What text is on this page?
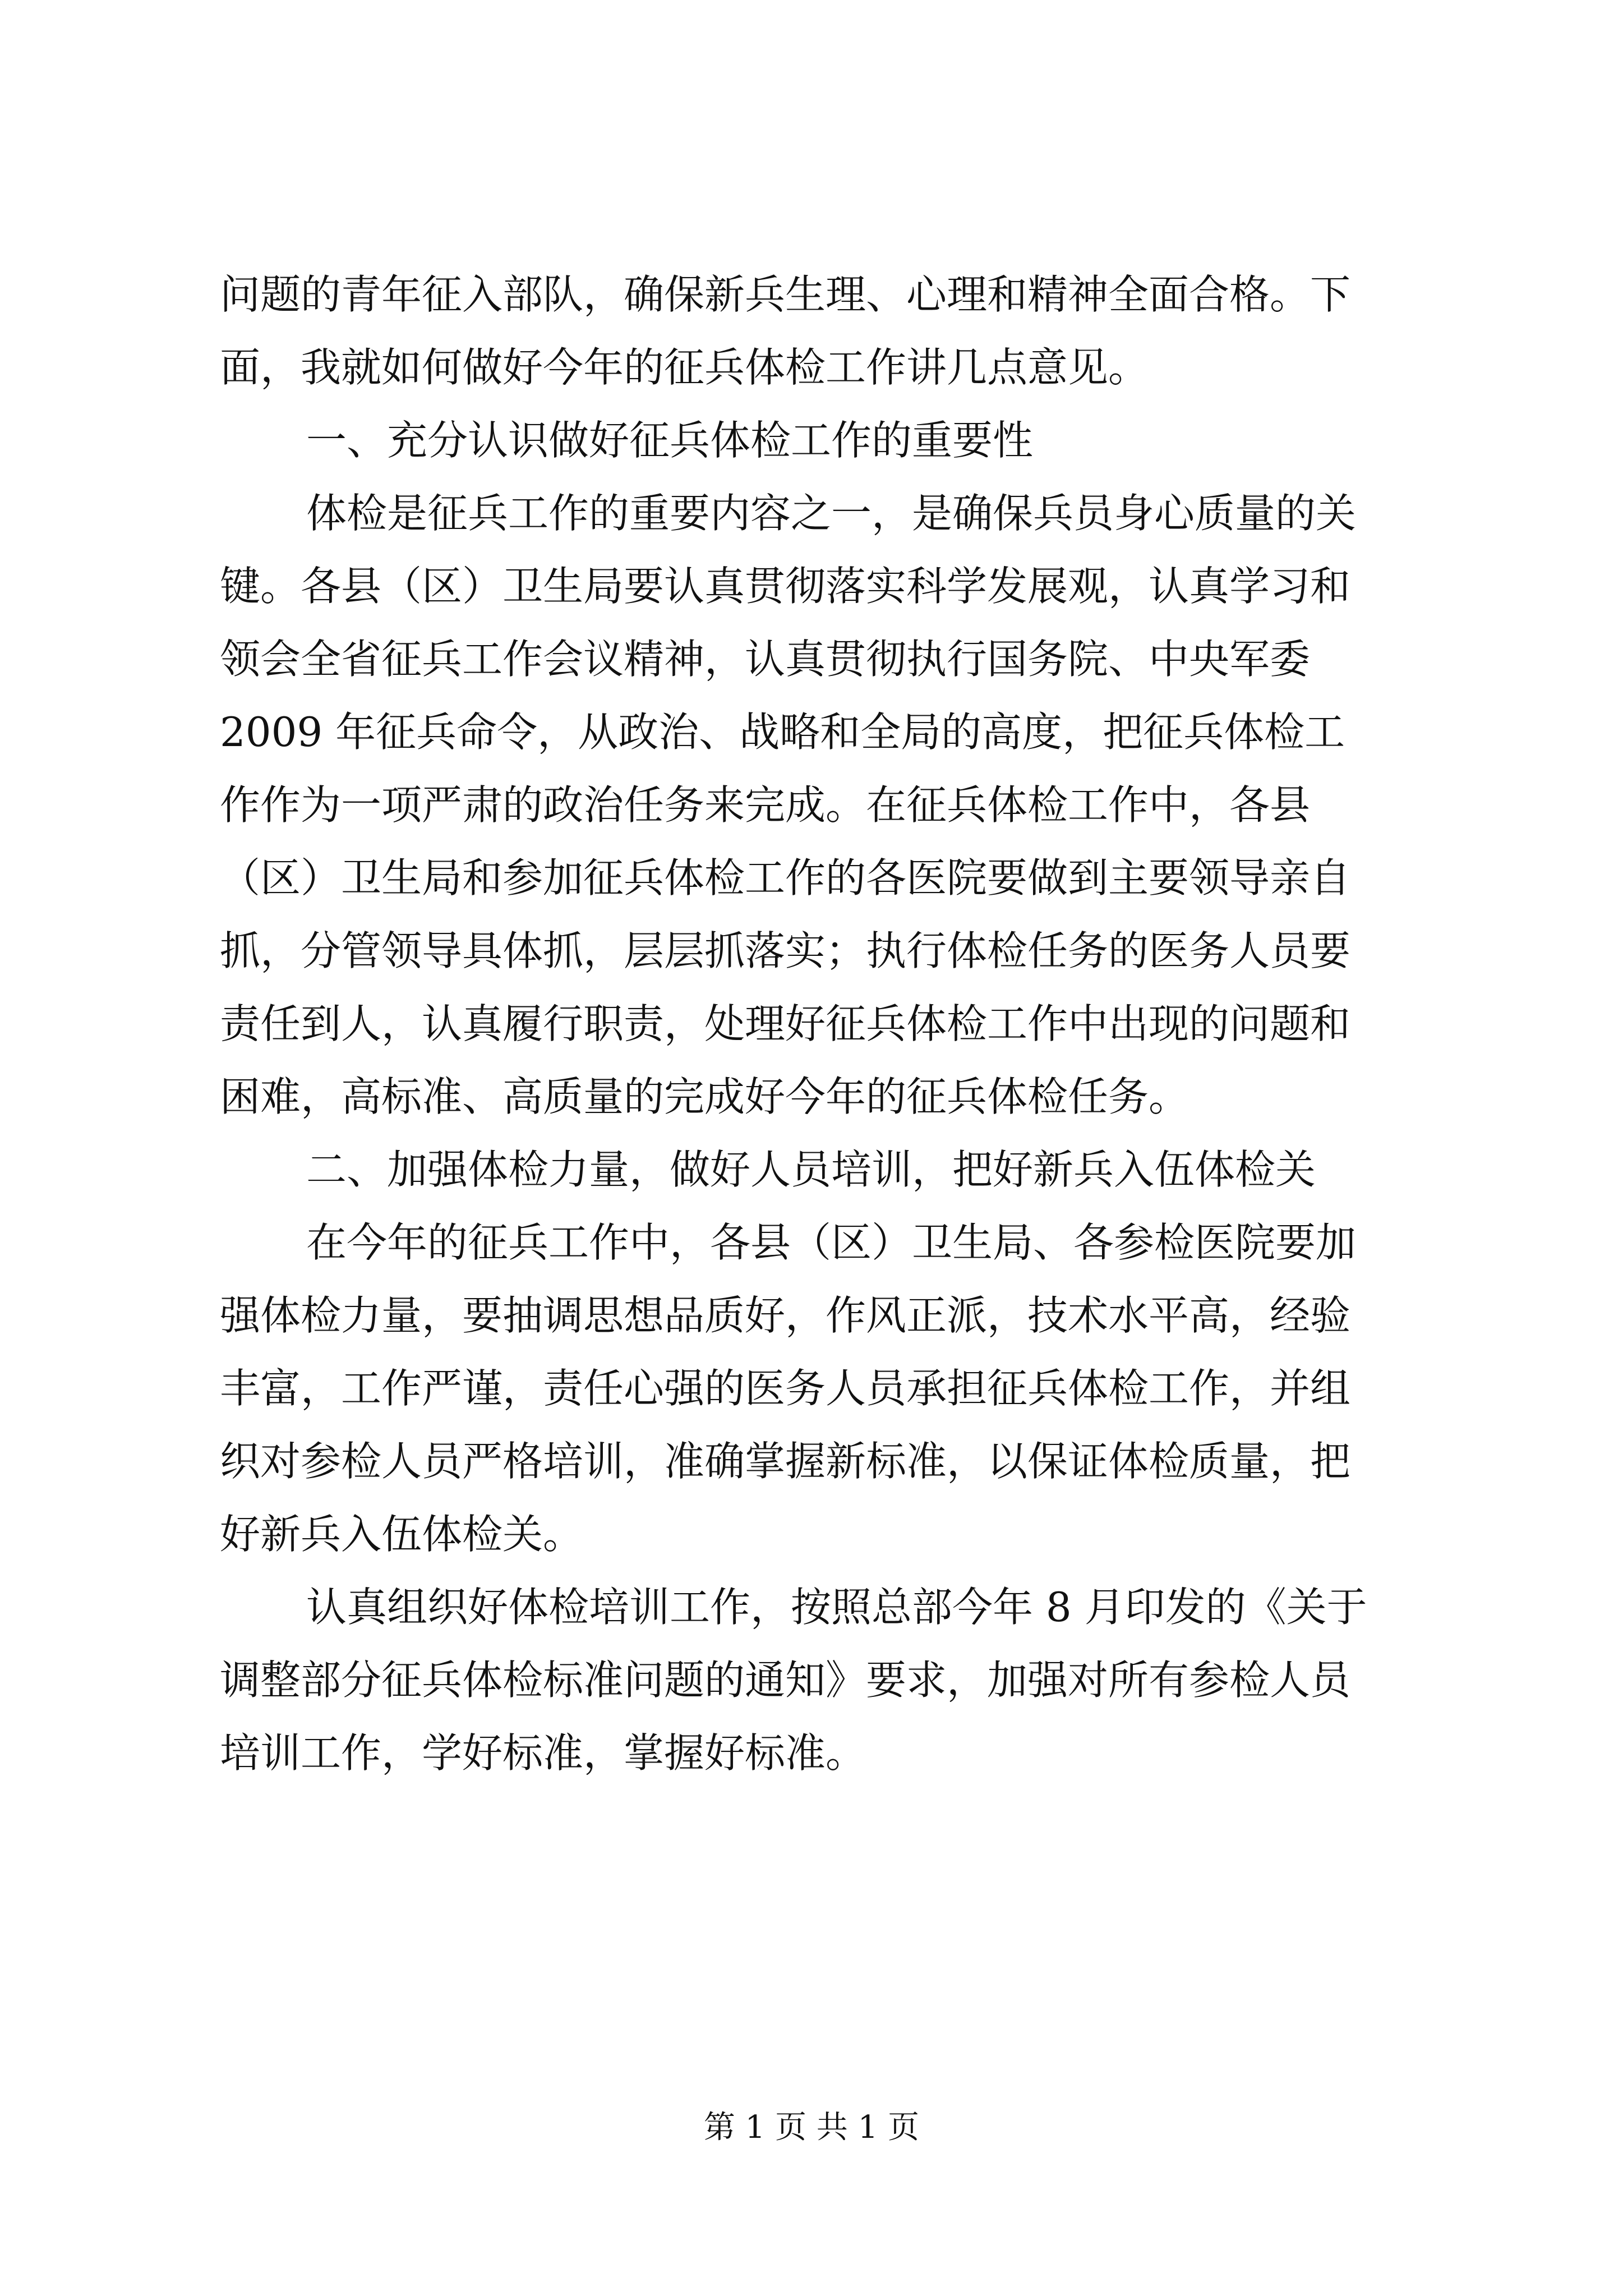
问题的青年征入部队，确保新兵生理、心理和精神全面合格。下
面，我就如何做好今年的征兵体检工作讲几点意见。
一、充分认识做好征兵体检工作的重要性
体检是征兵工作的重要内容之一，是确保兵员身心质量的关
键。各县（区）卫生局要认真贯彻落实科学发展观，认真学习和
领会全省征兵工作会议精神，认真贯彻执行国务院、中央军委
2009 年征兵命令，从政治、战略和全局的高度，把征兵体检工
作作为一项严肃的政治任务来完成。在征兵体检工作中，各县
（区）卫生局和参加征兵体检工作的各医院要做到主要领导亲自
抓，分管领导具体抓，层层抓落实；执行体检任务的医务人员要
责任到人，认真履行职责，处理好征兵体检工作中出现的问题和
困难，高标准、高质量的完成好今年的征兵体检任务。
二、加强体检力量，做好人员培训，把好新兵入伍体检关
在今年的征兵工作中，各县（区）卫生局、各参检医院要加
强体检力量，要抽调思想品质好，作风正派，技术水平高，经验
丰富，工作严谨，责任心强的医务人员承担征兵体检工作，并组
织对参检人员严格培训，准确掌握新标准，以保证体检质量，把
好新兵入伍体检关。
认真组织好体检培训工作，按照总部今年 8 月印发的《关于
调整部分征兵体检标准问题的通知》要求，加强对所有参检人员
培训工作，学好标准，掌握好标准。
第 1 页 共 1 页
